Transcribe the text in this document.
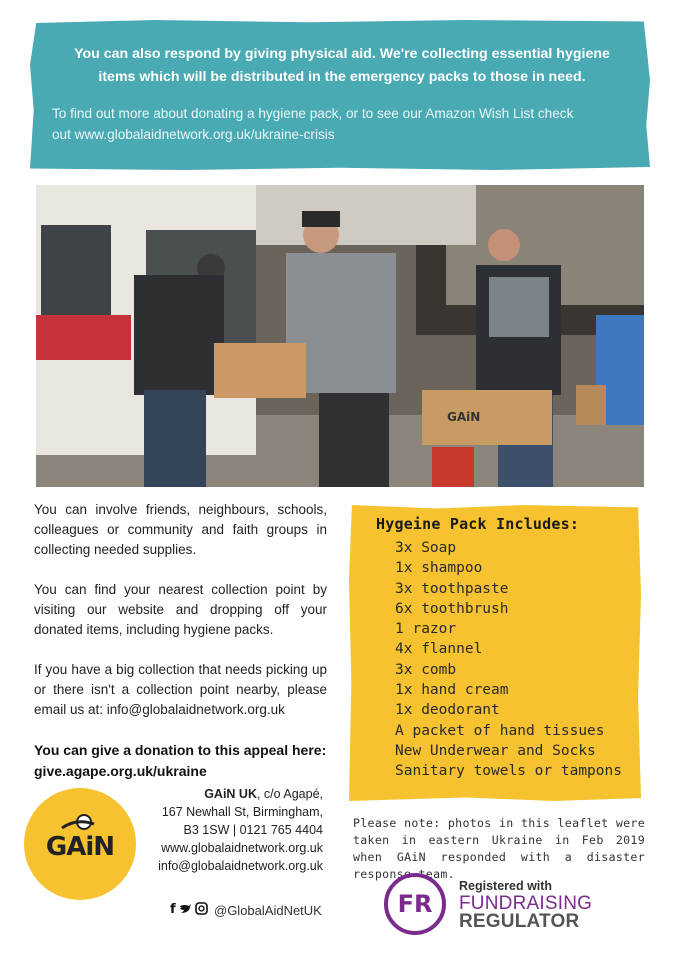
You can also respond by giving physical aid. We're collecting essential hygiene
items which will be distributed in the emergency packs to those in need.
To find out more about donating a hygiene pack, or to see our Amazon Wish List check
out www.globalaidnetwork.org.uk/ukraine-crisis
GAiN

You can involve friends, neighbours, schools, colleagues or community and faith groups in collecting needed supplies.

You can find your nearest collection point by visiting our website and dropping off your donated items, including hygiene packs.

If you have a big collection that needs picking up or there isn't a collection point nearby, please email us at: info@globalaidnetwork.org.uk

You can give a donation to this appeal here:
give.agape.org.uk/ukraine
Hygeine Pack Includes:
3x Soap
1x shampoo
3x toothpaste
6x toothbrush
1 razor
4x flannel
3x comb
1x hand cream
1x deodorant
A packet of hand tissues
New Underwear and Socks
Sanitary towels or tampons
Please note: photos in this leaflet were taken in eastern Ukraine in Feb 2019 when GAiN responded with a disaster response team.
GAiN
GAiN UK, c/o Agapé,
167 Newhall St, Birmingham,
B3 1SW | 0121 765 4404
www.globalaidnetwork.org.uk
info@globalaidnetwork.org.uk
f	@GlobalAidNetUK	FR
Registered with
FUNDRAISING
REGULATOR
